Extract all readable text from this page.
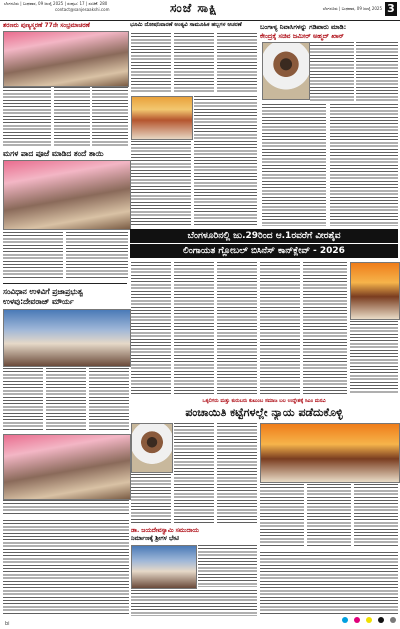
ಬೆಂಗಳೂರು | ಬುಧವಾರ, 09 ಜುಲೈ 2025 | ಸಂಪುಟ: 17 | ಸಂಚಿಕೆ: 280
contact@sanjesaakshi.com	ಸಂಜೆ ಸಾಕ್ಷಿ	ಬೆಂಗಳೂರು | ಬುಧವಾರ, 09 ಜುಲೈ 2025 3
ಶರಣರು ಪುಣ್ಯಸ್ಮರಣೆ 77ನೇ ಸಂಭ್ರಮಾಚರಣೆ
ಮಗಳ ಪಾದ ಪೂಜೆ ಮಾಡಿದ ತಂದೆ ತಾಯಿ
ಭೂಮಿ ದೋಷನಿವಾರಣೆ ಅಂತ್ಯವಿ ಸಾಮೂಹಿಕ ಹಬ್ಬಗಳ ಆಚರಣೆ	ಬಂಗಾಳ್ಯ ನಿವಾಸಿಗಳನ್ನು ಗಡಿಪಾರು ಮಾಡಿ:
ಕೇಂದ್ರಕ್ಕೆ ಸಚಿವ ಜಮೀರ್ ಅಹ್ಮದ್ ಖಾನ್
ಬೆಂಗಳೂರಿನಲ್ಲಿ ಜು.29ರಿಂದ ಆ.1ರವರೆಗೆ ವೀರಶೈವ
ಲಿಂಗಾಯತ ಗ್ಲೋಬಲ್ ಬಿಸಿನೆಸ್ ಕಾನ್‌ಕ್ಲೇವ್ - 2026
ಸಂವಿಧಾನ ಉಳಿವಿಗೆ ಪ್ರಜಾಪ್ರಭುತ್ವ
ಉಳವು:ದೇವರಾಜ್ ಮೌರ್ಯ
ಒಕ್ಕಲಿಗರು ಮತ್ತು ಕುರುಬರು ಕುಟುಂಬ ಸಮಾಜ ಬಲ ಉದ್ದೇಶಕ್ಕೆ ಸಿಎಂ ಮನವಿ
ಪಂಚಾಯಿತಿ ಕಟ್ಟೆಗಳಲ್ಲೇ ನ್ಯಾಯ ಪಡೆದುಕೊಳ್ಳಿ
ಡಾ. ಜಯದೇವಸ್ವಾಮಿ ಸಮುದಾಯ
ನಿರ್ಮಾಣಕ್ಕೆ ಶ್ರೀಗಳ ಭೇಟಿ
bi
